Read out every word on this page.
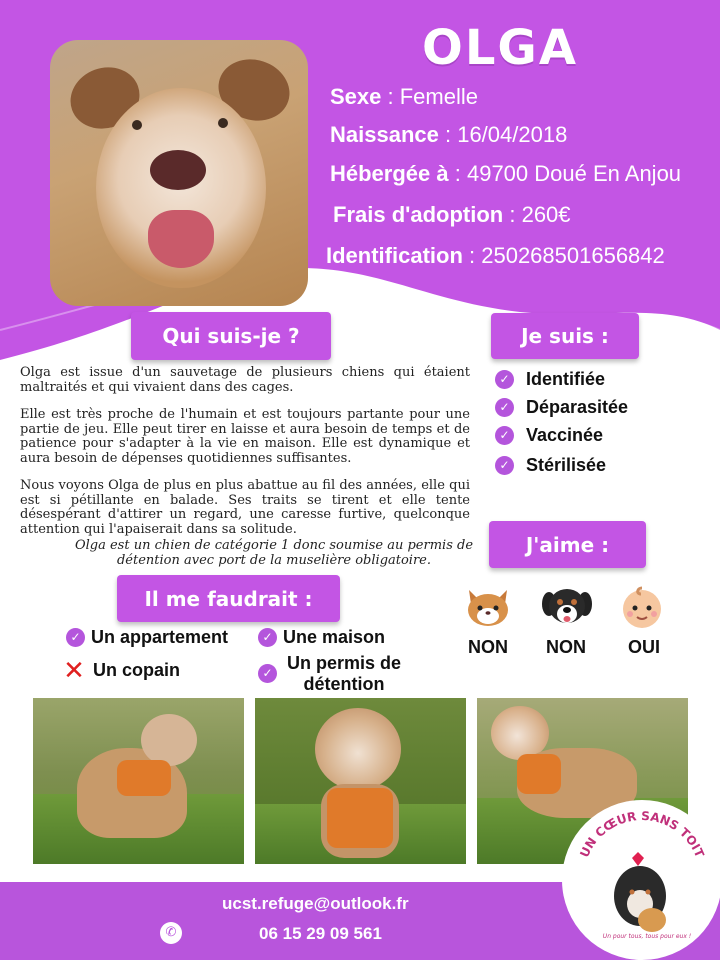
OLGA
Sexe : Femelle
Naissance : 16/04/2018
Hébergée à : 49700 Doué En Anjou
Frais d'adoption : 260€
Identification : 250268501656842
Qui suis-je ?
Olga est issue d'un sauvetage de plusieurs chiens qui étaient maltraités et qui vivaient dans des cages.
Elle est très proche de l'humain et est toujours partante pour une partie de jeu. Elle peut tirer en laisse et aura besoin de temps et de patience pour s'adapter à la vie en maison. Elle est dynamique et aura besoin de dépenses quotidiennes suffisantes.
Nous voyons Olga de plus en plus abattue au fil des années, elle qui est si pétillante en balade. Ses traits se tirent et elle tente désespérant d'attirer un regard, une caresse furtive, quelconque attention qui l'apaiserait dans sa solitude.
Olga est un chien de catégorie 1 donc soumise au permis de détention avec port de la muselière obligatoire.
Je suis :
✓ Identifiée
✓ Déparasitée
✓ Vaccinée
✓ Stérilisée
J'aime :
NON	NON	OUI
Il me faudrait :
✓ Un appartement	✓ Une maison
✕ Un copain	✓ Un permis de détention
ucst.refuge@outlook.fr
✆	06 15 29 09 561
UN CŒUR SANS TOIT
Un pour tous, tous pour eux !
